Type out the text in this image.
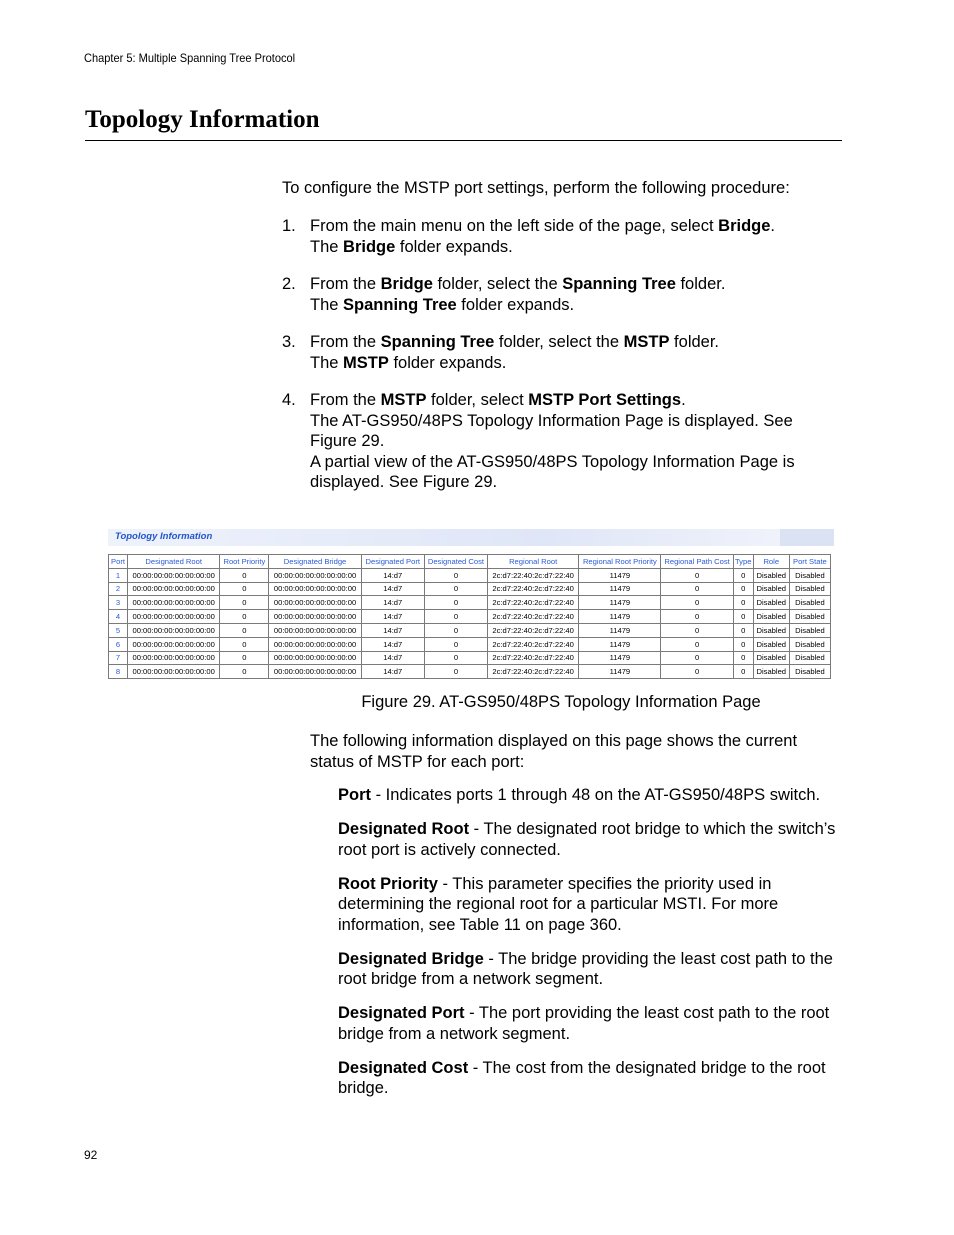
Chapter 5: Multiple Spanning Tree Protocol
Topology Information
To configure the MSTP port settings, perform the following procedure:
1. From the main menu on the left side of the page, select Bridge.
The Bridge folder expands.
2. From the Bridge folder, select the Spanning Tree folder.
The Spanning Tree folder expands.
3. From the Spanning Tree folder, select the MSTP folder.
The MSTP folder expands.
4. From the MSTP folder, select MSTP Port Settings.
The AT-GS950/48PS Topology Information Page is displayed. See Figure 29.
A partial view of the AT-GS950/48PS Topology Information Page is displayed. See Figure 29.
Topology Information
Port	Designated Root	Root Priority	Designated Bridge	Designated Port	Designated Cost	Regional Root	Regional Root Priority	Regional Path Cost	Type	Role	Port State
1	00:00:00:00:00:00:00:00	0	00:00:00:00:00:00:00:00	14:d7	0	2c:d7:22:40:2c:d7:22:40	11479	0	0	Disabled	Disabled
2	00:00:00:00:00:00:00:00	0	00:00:00:00:00:00:00:00	14:d7	0	2c:d7:22:40:2c:d7:22:40	11479	0	0	Disabled	Disabled
3	00:00:00:00:00:00:00:00	0	00:00:00:00:00:00:00:00	14:d7	0	2c:d7:22:40:2c:d7:22:40	11479	0	0	Disabled	Disabled
4	00:00:00:00:00:00:00:00	0	00:00:00:00:00:00:00:00	14:d7	0	2c:d7:22:40:2c:d7:22:40	11479	0	0	Disabled	Disabled
5	00:00:00:00:00:00:00:00	0	00:00:00:00:00:00:00:00	14:d7	0	2c:d7:22:40:2c:d7:22:40	11479	0	0	Disabled	Disabled
6	00:00:00:00:00:00:00:00	0	00:00:00:00:00:00:00:00	14:d7	0	2c:d7:22:40:2c:d7:22:40	11479	0	0	Disabled	Disabled
7	00:00:00:00:00:00:00:00	0	00:00:00:00:00:00:00:00	14:d7	0	2c:d7:22:40:2c:d7:22:40	11479	0	0	Disabled	Disabled
8	00:00:00:00:00:00:00:00	0	00:00:00:00:00:00:00:00	14:d7	0	2c:d7:22:40:2c:d7:22:40	11479	0	0	Disabled	Disabled
Figure 29. AT-GS950/48PS Topology Information Page
The following information displayed on this page shows the current status of MSTP for each port:
Port - Indicates ports 1 through 48 on the AT-GS950/48PS switch.
Designated Root - The designated root bridge to which the switch’s root port is actively connected.
Root Priority - This parameter specifies the priority used in determining the regional root for a particular MSTI. For more information, see Table 11 on page 360.
Designated Bridge - The bridge providing the least cost path to the root bridge from a network segment.
Designated Port - The port providing the least cost path to the root bridge from a network segment.
Designated Cost - The cost from the designated bridge to the root bridge.
92
